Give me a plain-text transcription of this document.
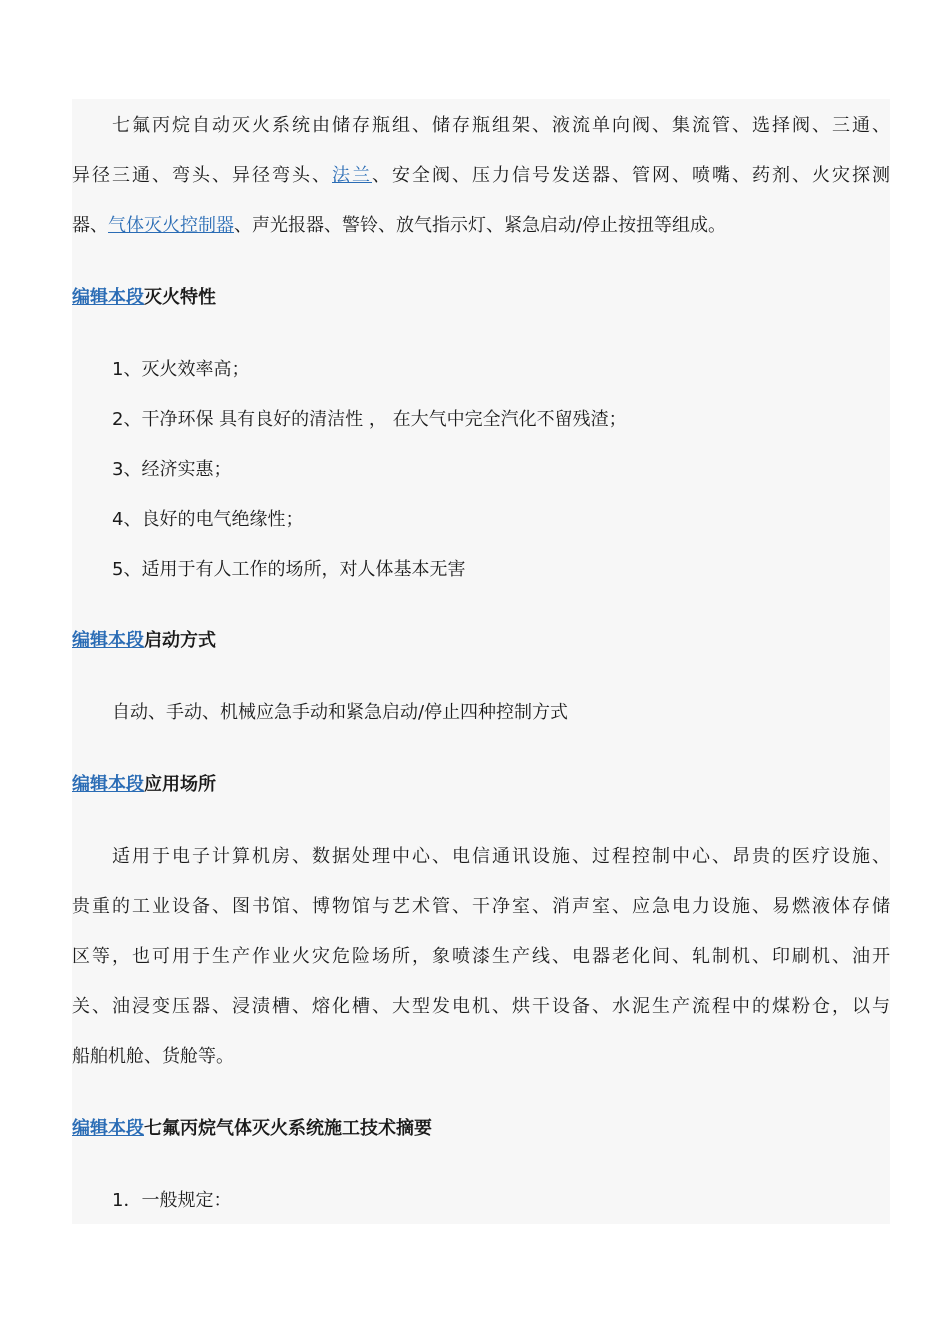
七氟丙烷自动灭火系统由储存瓶组、储存瓶组架、液流单向阀、集流管、选择阀、三通、
异径三通、弯头、异径弯头、法兰、安全阀、压力信号发送器、管网、喷嘴、药剂、火灾探测
器、气体灭火控制器、声光报器、警铃、放气指示灯、紧急启动/停止按扭等组成。
编辑本段灭火特性
1、灭火效率高；
2、干净环保 具有良好的清洁性 ， 在大气中完全汽化不留残渣；
3、经济实惠；
4、良好的电气绝缘性；
5、适用于有人工作的场所，对人体基本无害
编辑本段启动方式
自动、手动、机械应急手动和紧急启动/停止四种控制方式
编辑本段应用场所
适用于电子计算机房、数据处理中心、电信通讯设施、过程控制中心、昂贵的医疗设施、
贵重的工业设备、图书馆、博物馆与艺术管、干净室、消声室、应急电力设施、易燃液体存储
区等，也可用于生产作业火灾危险场所，象喷漆生产线、电器老化间、轧制机、印刷机、油开
关、油浸变压器、浸渍槽、熔化槽、大型发电机、烘干设备、水泥生产流程中的煤粉仓，以与
船舶机舱、货舱等。
编辑本段七氟丙烷气体灭火系统施工技术摘要
1．一般规定：
